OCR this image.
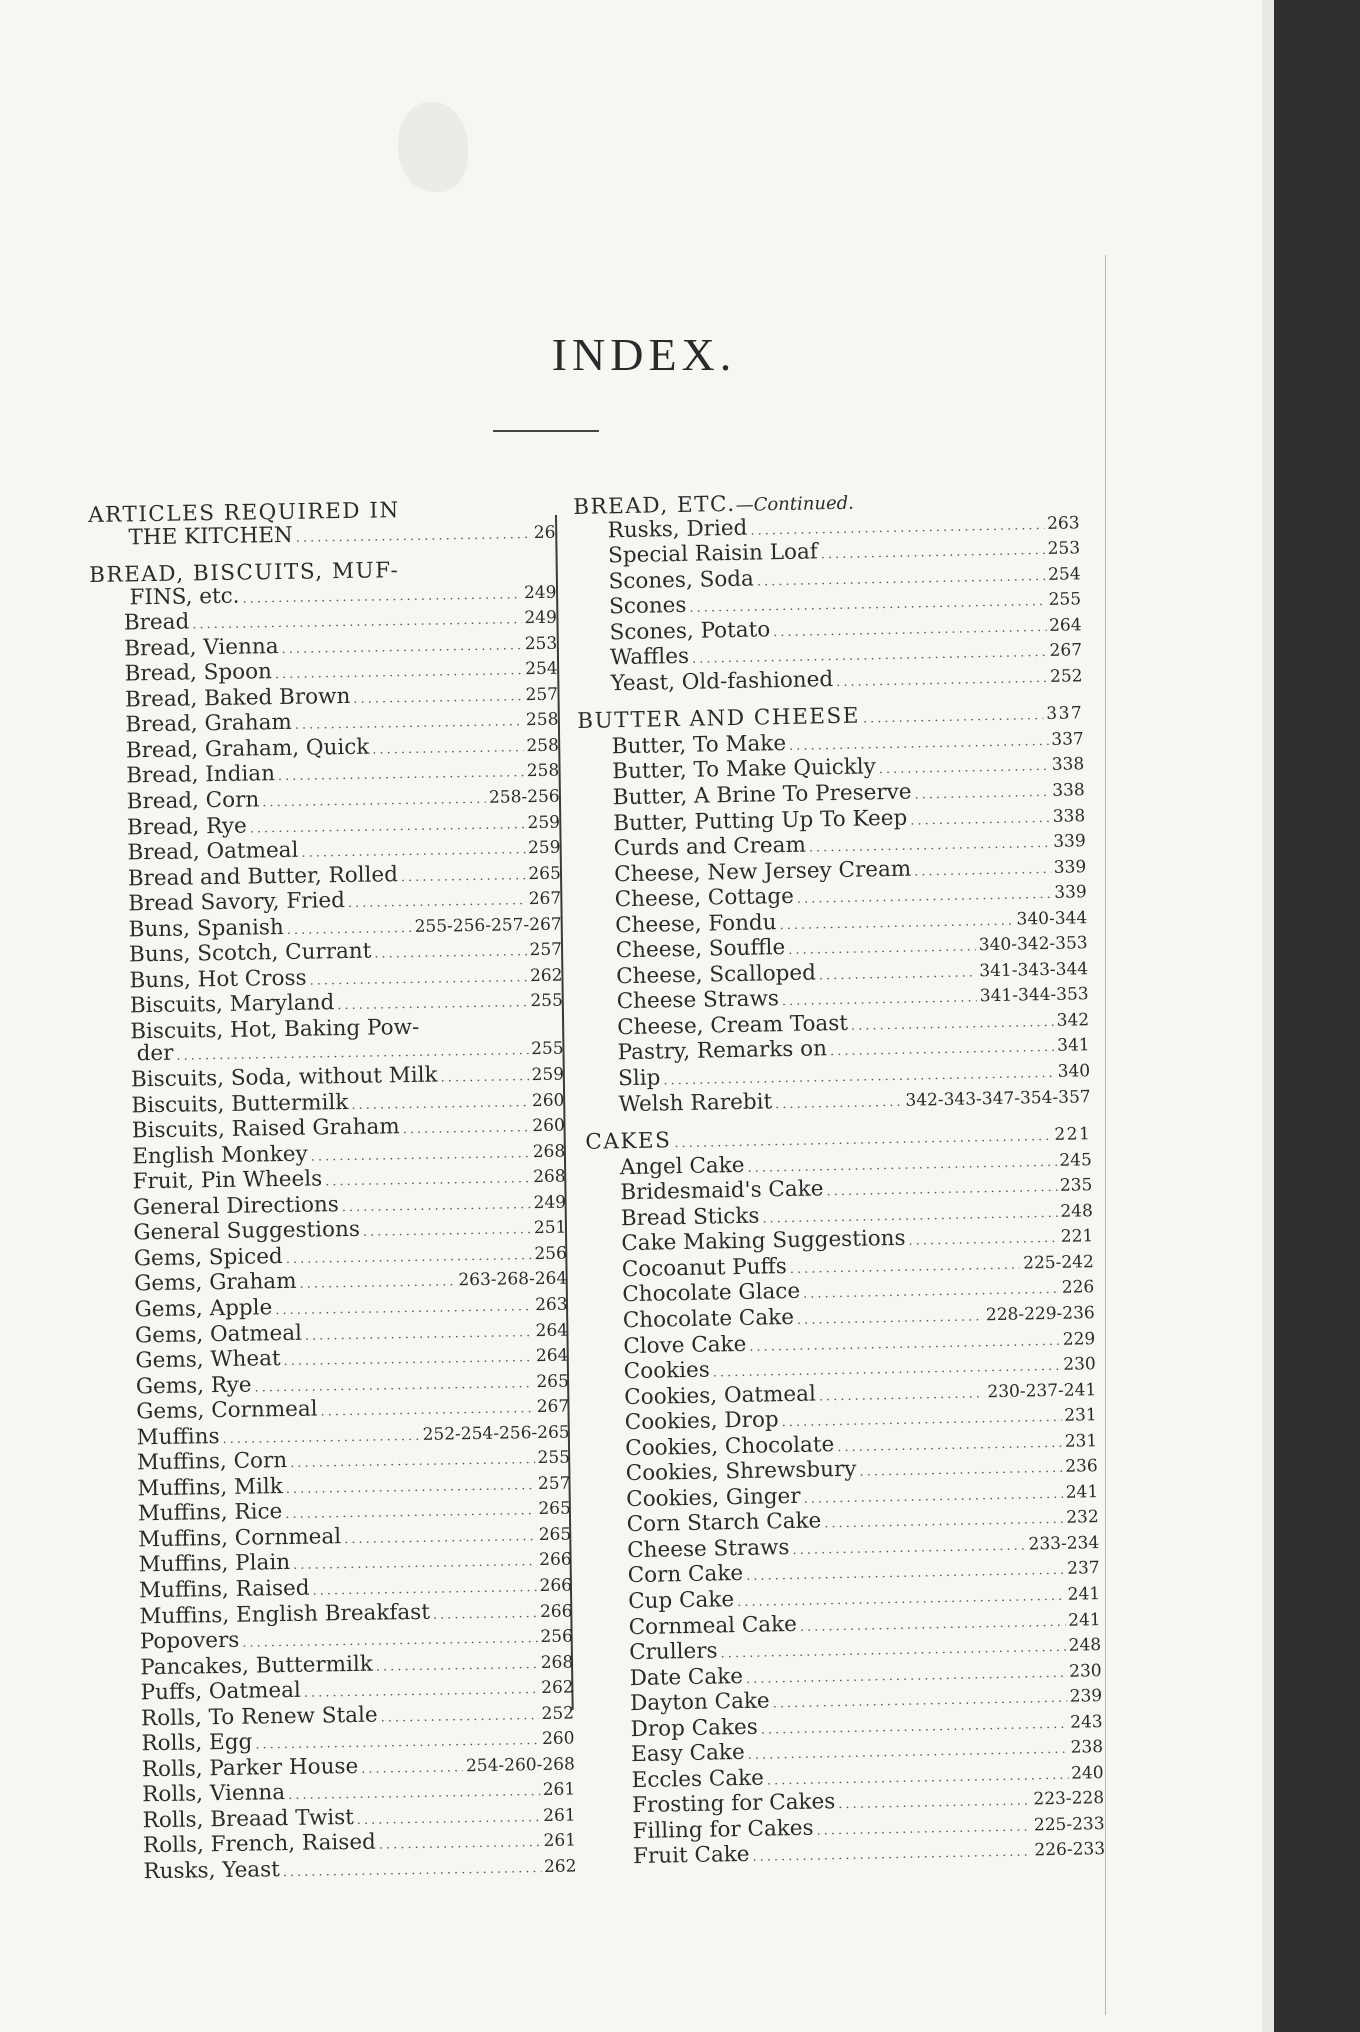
INDEX.
ARTICLES REQUIRED IN
THE KITCHEN .....	26
BREAD, BISCUITS, MUF-
FINS, etc. .....	249
Bread .....	249
Bread, Vienna .....	253
Bread, Spoon .....	254
Bread, Baked Brown .....	257
Bread, Graham .....	258
Bread, Graham, Quick .....	258
Bread, Indian .....	258
Bread, Corn .....	258-256
Bread, Rye .....	259
Bread, Oatmeal .....	259
Bread and Butter, Rolled .....	265
Bread Savory, Fried .....	267
Buns, Spanish .....	255-256-257-267
Buns, Scotch, Currant .....	257
Buns, Hot Cross .....	262
Biscuits, Maryland .....	255
Biscuits, Hot, Baking Pow-
der .....	255
Biscuits, Soda, without Milk .....	259
Biscuits, Buttermilk .....	260
Biscuits, Raised Graham .....	260
English Monkey .....	268
Fruit, Pin Wheels .....	268
General Directions .....	249
General Suggestions .....	251
Gems, Spiced .....	256
Gems, Graham .....	263-268-264
Gems, Apple .....	263
Gems, Oatmeal .....	264
Gems, Wheat .....	264
Gems, Rye .....	265
Gems, Cornmeal .....	267
Muffins .....	252-254-256-265
Muffins, Corn .....	255
Muffins, Milk .....	257
Muffins, Rice .....	265
Muffins, Cornmeal .....	265
Muffins, Plain .....	266
Muffins, Raised .....	266
Muffins, English Breakfast .....	266
Popovers .....	256
Pancakes, Buttermilk .....	268
Puffs, Oatmeal .....	262
Rolls, To Renew Stale .....	252
Rolls, Egg .....	260
Rolls, Parker House .....	254-260-268
Rolls, Vienna .....	261
Rolls, Breaad Twist .....	261
Rolls, French, Raised .....	261
Rusks, Yeast .....	262
BREAD, ETC.—Continued.
Rusks, Dried .....	263
Special Raisin Loaf .....	253
Scones, Soda .....	254
Scones .....	255
Scones, Potato .....	264
Waffles .....	267
Yeast, Old-fashioned .....	252
BUTTER AND CHEESE .....	337
Butter, To Make .....	337
Butter, To Make Quickly .....	338
Butter, A Brine To Preserve .....	338
Butter, Putting Up To Keep .....	338
Curds and Cream .....	339
Cheese, New Jersey Cream .....	339
Cheese, Cottage .....	339
Cheese, Fondu .....	340-344
Cheese, Souffle .....	340-342-353
Cheese, Scalloped .....	341-343-344
Cheese Straws .....	341-344-353
Cheese, Cream Toast .....	342
Pastry, Remarks on .....	341
Slip .....	340
Welsh Rarebit .....	342-343-347-354-357
CAKES .....	221
Angel Cake .....	245
Bridesmaid's Cake .....	235
Bread Sticks .....	248
Cake Making Suggestions .....	221
Cocoanut Puffs .....	225-242
Chocolate Glace .....	226
Chocolate Cake .....	228-229-236
Clove Cake .....	229
Cookies .....	230
Cookies, Oatmeal .....	230-237-241
Cookies, Drop .....	231
Cookies, Chocolate .....	231
Cookies, Shrewsbury .....	236
Cookies, Ginger .....	241
Corn Starch Cake .....	232
Cheese Straws .....	233-234
Corn Cake .....	237
Cup Cake .....	241
Cornmeal Cake .....	241
Crullers .....	248
Date Cake .....	230
Dayton Cake .....	239
Drop Cakes .....	243
Easy Cake .....	238
Eccles Cake .....	240
Frosting for Cakes .....	223-228
Filling for Cakes .....	225-233
Fruit Cake .....	226-233
